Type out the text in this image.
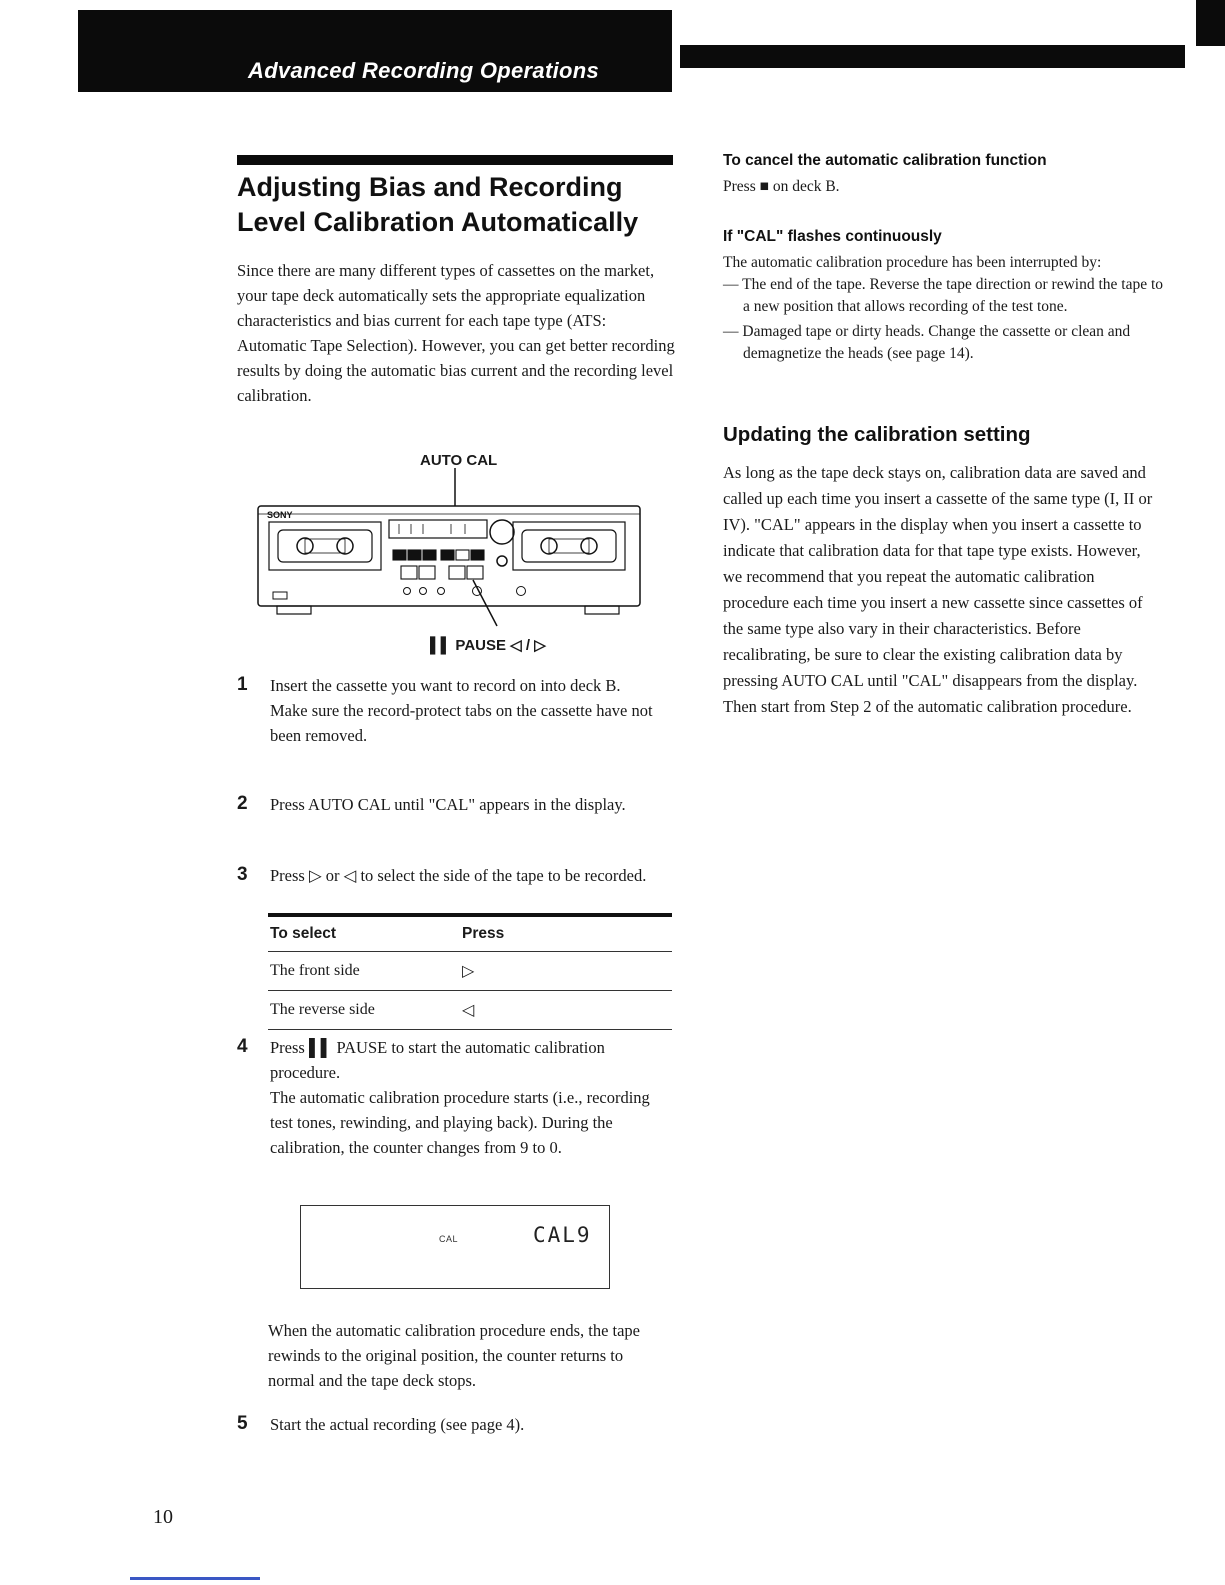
Advanced Recording Operations
Adjusting Bias and Recording Level Calibration Automatically
Since there are many different types of cassettes on the market, your tape deck automatically sets the appropriate equalization characteristics and bias current for each tape type (ATS: Automatic Tape Selection). However, you can get better recording results by doing the automatic bias current and the recording level calibration.
AUTO CAL
SONY
▌▌ PAUSE ◁ / ▷
1	Insert the cassette you want to record on into deck B.
Make sure the record-protect tabs on the cassette have not been removed.
2	Press AUTO CAL until "CAL" appears in the display.
3	Press ▷ or ◁ to select the side of the tape to be recorded.
To select	Press
The front side	▷
The reverse side	◁
4	Press ▌▌ PAUSE to start the automatic calibration procedure.
The automatic calibration procedure starts (i.e., recording test tones, rewinding, and playing back). During the calibration, the counter changes from 9 to 0.
CAL	CAL9
When the automatic calibration procedure ends, the tape rewinds to the original position, the counter returns to normal and the tape deck stops.
5	Start the actual recording (see page 4).
To cancel the automatic calibration function
Press ■ on deck B.
If "CAL" flashes continuously
The automatic calibration procedure has been interrupted by:
— The end of the tape. Reverse the tape direction or rewind the tape to a new position that allows recording of the test tone.
— Damaged tape or dirty heads. Change the cassette or clean and demagnetize the heads (see page 14).
Updating the calibration setting
As long as the tape deck stays on, calibration data are saved and called up each time you insert a cassette of the same type (I, II or IV). "CAL" appears in the display when you insert a cassette to indicate that calibration data for that tape type exists. However, we recommend that you repeat the automatic calibration procedure each time you insert a new cassette since cassettes of the same type also vary in their characteristics. Before recalibrating, be sure to clear the existing calibration data by pressing AUTO CAL until "CAL" disappears from the display. Then start from Step 2 of the automatic calibration procedure.
10
